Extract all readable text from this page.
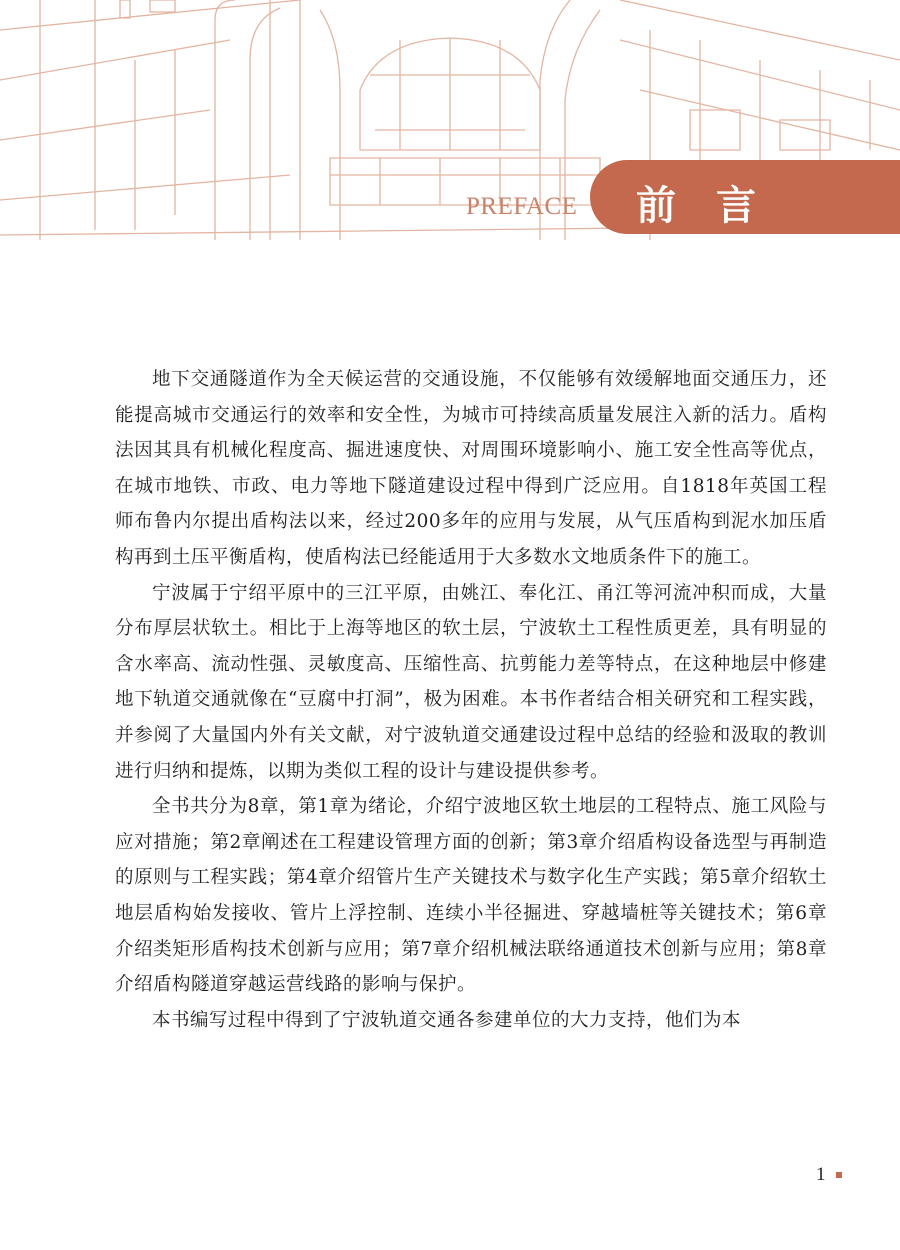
PREFACE 前言

地下交通隧道作为全天候运营的交通设施，不仅能够有效缓解地面交通压力，还能提高城市交通运行的效率和安全性，为城市可持续高质量发展注入新的活力。盾构法因其具有机械化程度高、掘进速度快、对周围环境影响小、施工安全性高等优点，在城市地铁、市政、电力等地下隧道建设过程中得到广泛应用。自1818年英国工程师布鲁内尔提出盾构法以来，经过200多年的应用与发展，从气压盾构到泥水加压盾构再到土压平衡盾构，使盾构法已经能适用于大多数水文地质条件下的施工。

宁波属于宁绍平原中的三江平原，由姚江、奉化江、甬江等河流冲积而成，大量分布厚层状软土。相比于上海等地区的软土层，宁波软土工程性质更差，具有明显的含水率高、流动性强、灵敏度高、压缩性高、抗剪能力差等特点，在这种地层中修建地下轨道交通就像在“豆腐中打洞”，极为困难。本书作者结合相关研究和工程实践，并参阅了大量国内外有关文献，对宁波轨道交通建设过程中总结的经验和汲取的教训进行归纳和提炼，以期为类似工程的设计与建设提供参考。

全书共分为8章，第1章为绪论，介绍宁波地区软土地层的工程特点、施工风险与应对措施；第2章阐述在工程建设管理方面的创新；第3章介绍盾构设备选型与再制造的原则与工程实践；第4章介绍管片生产关键技术与数字化生产实践；第5章介绍软土地层盾构始发接收、管片上浮控制、连续小半径掘进、穿越墙桩等关键技术；第6章介绍类矩形盾构技术创新与应用；第7章介绍机械法联络通道技术创新与应用；第8章介绍盾构隧道穿越运营线路的影响与保护。

本书编写过程中得到了宁波轨道交通各参建单位的大力支持，他们为本

1
